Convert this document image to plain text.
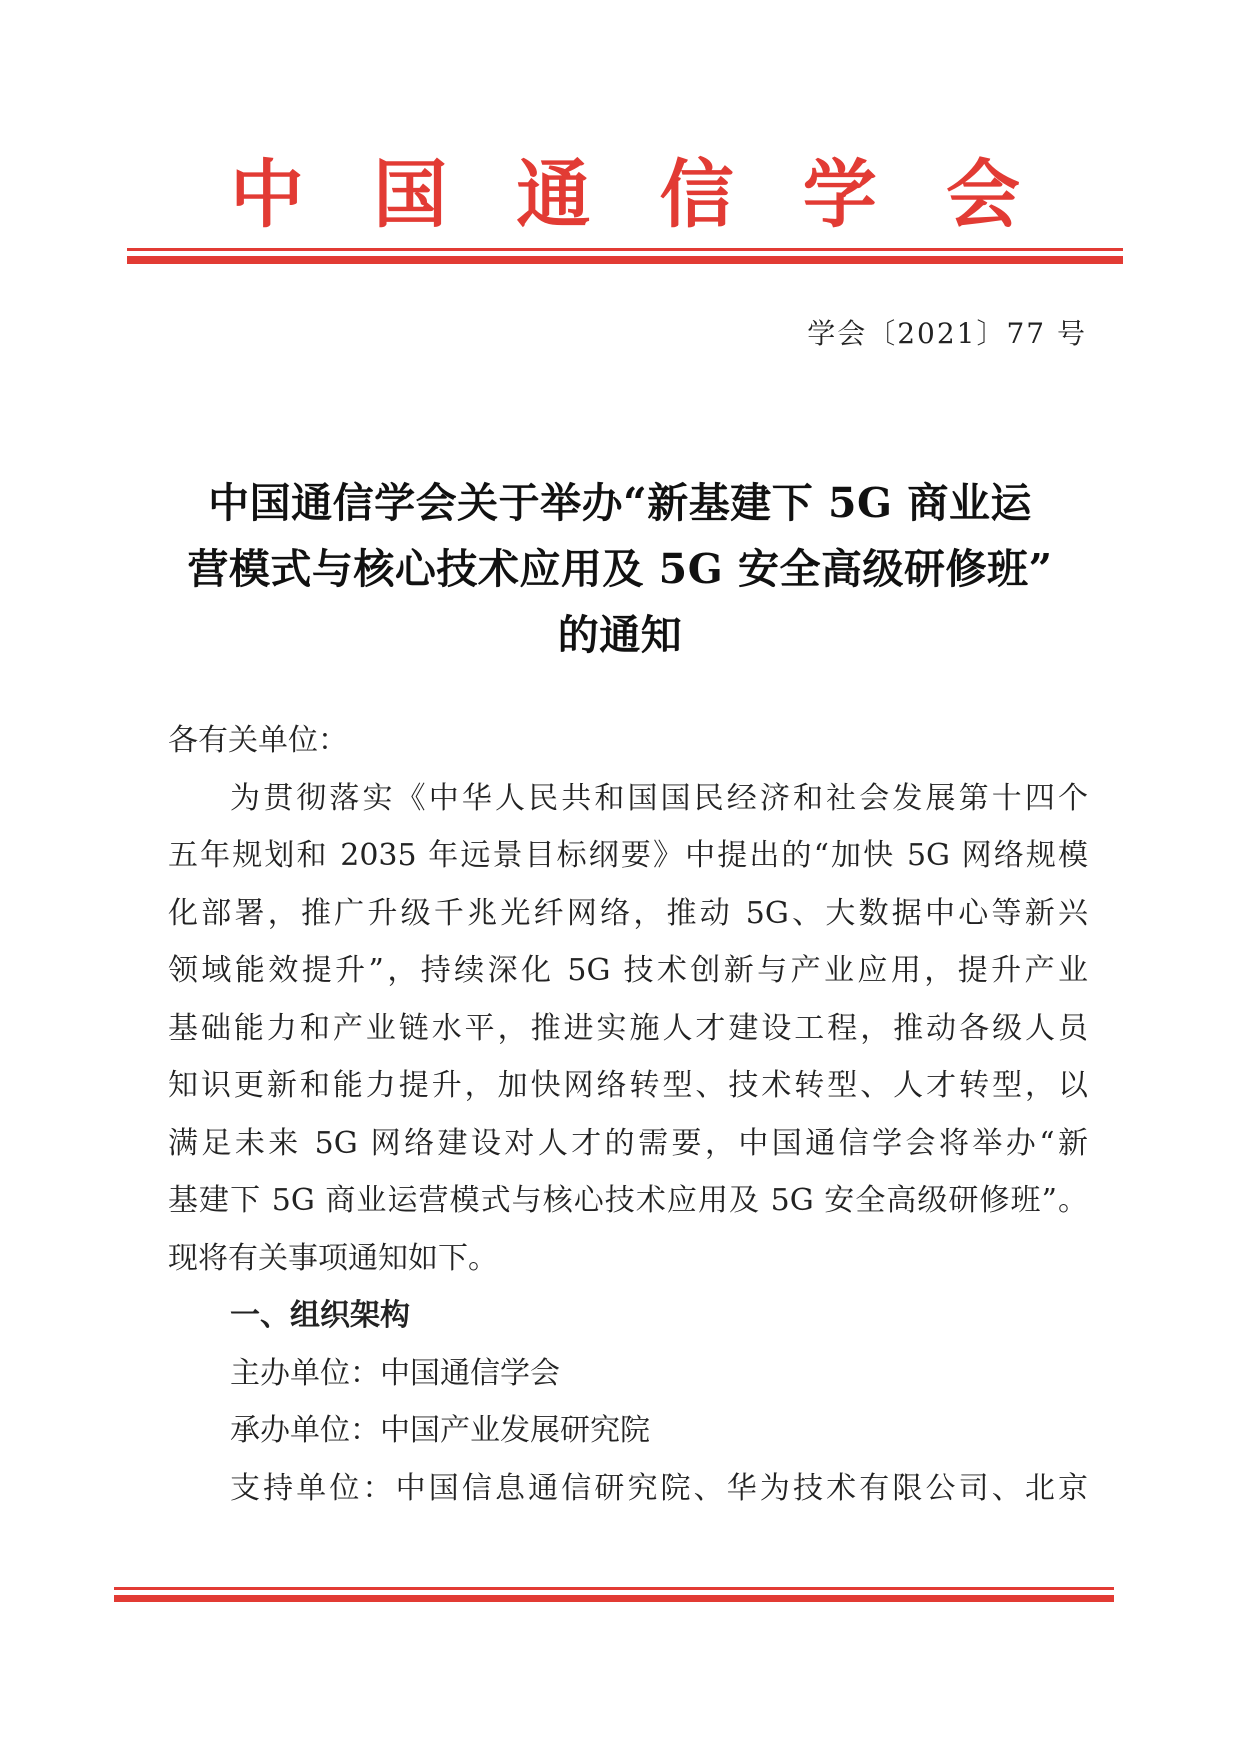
中 国 通 信 学 会
学会〔2021〕77 号
中国通信学会关于举办“新基建下 5G 商业运
营模式与核心技术应用及 5G 安全高级研修班”
的通知
各有关单位：
为贯彻落实《中华人民共和国国民经济和社会发展第十四个
五年规划和 2035 年远景目标纲要》中提出的“加快 5G 网络规模
化部署，推广升级千兆光纤网络，推动 5G、大数据中心等新兴
领域能效提升”，持续深化 5G 技术创新与产业应用，提升产业
基础能力和产业链水平，推进实施人才建设工程，推动各级人员
知识更新和能力提升，加快网络转型、技术转型、人才转型，以
满足未来 5G 网络建设对人才的需要，中国通信学会将举办“新
基建下 5G 商业运营模式与核心技术应用及 5G 安全高级研修班”。
现将有关事项通知如下。
一、组织架构
主办单位：中国通信学会
承办单位：中国产业发展研究院
支持单位：中国信息通信研究院、华为技术有限公司、北京
